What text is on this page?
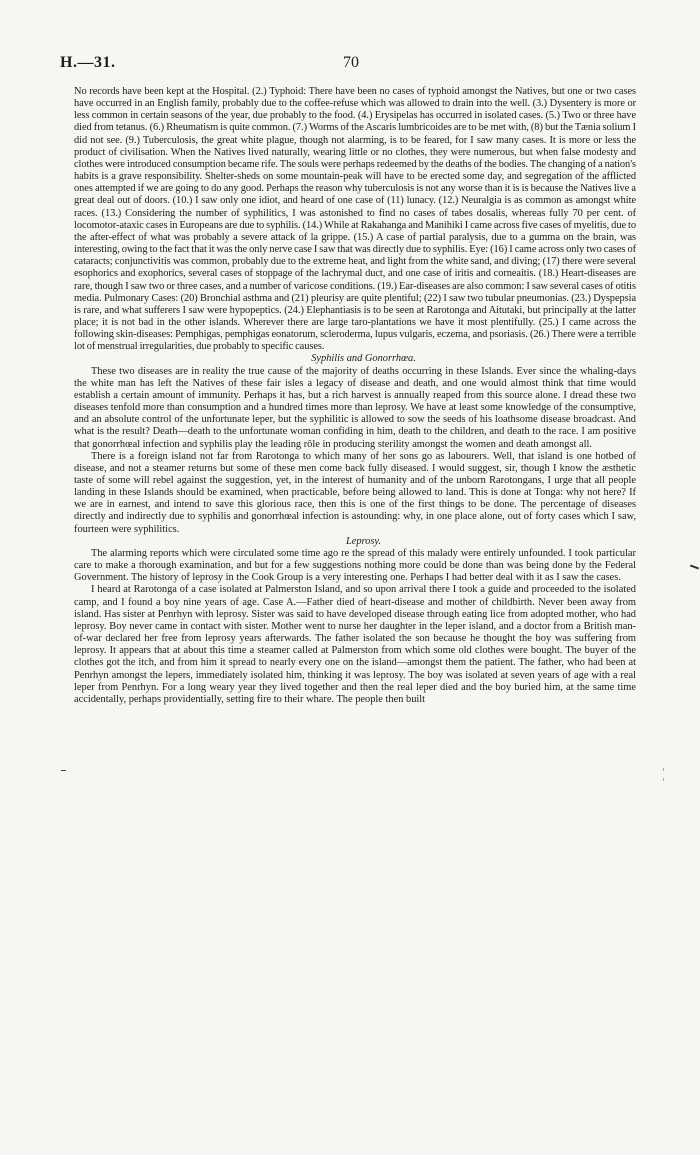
H.—31.	70

No records have been kept at the Hospital. (2.) Typhoid: There have been no cases of typhoid amongst the Natives, but one or two cases have occurred in an English family, probably due to the coffee-refuse which was allowed to drain into the well. (3.) Dysentery is more or less common in certain seasons of the year, due probably to the food. (4.) Erysipelas has occurred in isolated cases. (5.) Two or three have died from tetanus. (6.) Rheumatism is quite common. (7.) Worms of the Ascaris lumbricoides are to be met with, (8) but the Tænia solium I did not see. (9.) Tuberculosis, the great white plague, though not alarming, is to be feared, for I saw many cases. It is more or less the product of civilisation. When the Natives lived naturally, wearing little or no clothes, they were numerous, but when false modesty and clothes were introduced consumption became rife. The souls were perhaps redeemed by the deaths of the bodies. The changing of a nation's habits is a grave responsibility. Shelter-sheds on some mountain-peak will have to be erected some day, and segregation of the afflicted ones attempted if we are going to do any good. Perhaps the reason why tuberculosis is not any worse than it is is because the Natives live a great deal out of doors. (10.) I saw only one idiot, and heard of one case of (11) lunacy. (12.) Neuralgia is as common as amongst white races. (13.) Considering the number of syphilitics, I was astonished to find no cases of tabes dosalis, whereas fully 70 per cent. of locomotor-ataxic cases in Europeans are due to syphilis. (14.) While at Rakahanga and Manihiki I came across five cases of myelitis, due to the after-effect of what was probably a severe attack of la grippe. (15.) A case of partial paralysis, due to a gumma on the brain, was interesting, owing to the fact that it was the only nerve case I saw that was directly due to syphilis. Eye: (16) I came across only two cases of cataracts; conjunctivitis was common, probably due to the extreme heat, and light from the white sand, and diving; (17) there were several esophorics and exophorics, several cases of stoppage of the lachrymal duct, and one case of iritis and corneaitis. (18.) Heart-diseases are rare, though I saw two or three cases, and a number of varicose conditions. (19.) Ear-diseases are also common: I saw several cases of otitis media. Pulmonary Cases: (20) Bronchial asthma and (21) pleurisy are quite plentiful; (22) I saw two tubular pneumonias. (23.) Dyspepsia is rare, and what sufferers I saw were hypopeptics. (24.) Elephantiasis is to be seen at Rarotonga and Aitutaki, but principally at the latter place; it is not bad in the other islands. Wherever there are large taro-plantations we have it most plentifully. (25.) I came across the following skin-diseases: Pemphigas, pemphigas eonatorum, scleroderma, lupus vulgaris, eczema, and psoriasis. (26.) There were a terrible lot of menstrual irregularities, due probably to specific causes.

Syphilis and Gonorrhœa.

These two diseases are in reality the true cause of the majority of deaths occurring in these Islands. Ever since the whaling-days the white man has left the Natives of these fair isles a legacy of disease and death, and one would almost think that time would establish a certain amount of immunity. Perhaps it has, but a rich harvest is annually reaped from this source alone. I dread these two diseases tenfold more than consumption and a hundred times more than leprosy. We have at least some knowledge of the consumptive, and an absolute control of the unfortunate leper, but the syphilitic is allowed to sow the seeds of his loathsome disease broadcast. And what is the result? Death—death to the unfortunate woman confiding in him, death to the children, and death to the race. I am positive that gonorrhœal infection and syphilis play the leading rôle in producing sterility amongst the women and death amongst all.

There is a foreign island not far from Rarotonga to which many of her sons go as labourers. Well, that island is one hotbed of disease, and not a steamer returns but some of these men come back fully diseased. I would suggest, sir, though I know the æsthetic taste of some will rebel against the suggestion, yet, in the interest of humanity and of the unborn Rarotongans, I urge that all people landing in these Islands should be examined, when practicable, before being allowed to land. This is done at Tonga: why not here? If we are in earnest, and intend to save this glorious race, then this is one of the first things to be done. The percentage of diseases directly and indirectly due to syphilis and gonorrhœal infection is astounding: why, in one place alone, out of forty cases which I saw, fourteen were syphilitics.

Leprosy.

The alarming reports which were circulated some time ago re the spread of this malady were entirely unfounded. I took particular care to make a thorough examination, and but for a few suggestions nothing more could be done than was being done by the Federal Government. The history of leprosy in the Cook Group is a very interesting one. Perhaps I had better deal with it as I saw the cases.

I heard at Rarotonga of a case isolated at Palmerston Island, and so upon arrival there I took a guide and proceeded to the isolated camp, and I found a boy nine years of age. Case A.—Father died of heart-disease and mother of childbirth. Never been away from island. Has sister at Penrhyn with leprosy. Sister was said to have developed disease through eating lice from adopted mother, who had leprosy. Boy never came in contact with sister. Mother went to nurse her daughter in the leper island, and a doctor from a British man-of-war declared her free from leprosy years afterwards. The father isolated the son because he thought the boy was suffering from leprosy. It appears that at about this time a steamer called at Palmerston from which some old clothes were bought. The buyer of the clothes got the itch, and from him it spread to nearly every one on the island—amongst them the patient. The father, who had been at Penrhyn amongst the lepers, immediately isolated him, thinking it was leprosy. The boy was isolated at seven years of age with a real leper from Penrhyn. For a long weary year they lived together and then the real leper died and the boy buried him, at the same time accidentally, perhaps providentially, setting fire to their whare. The people then built
